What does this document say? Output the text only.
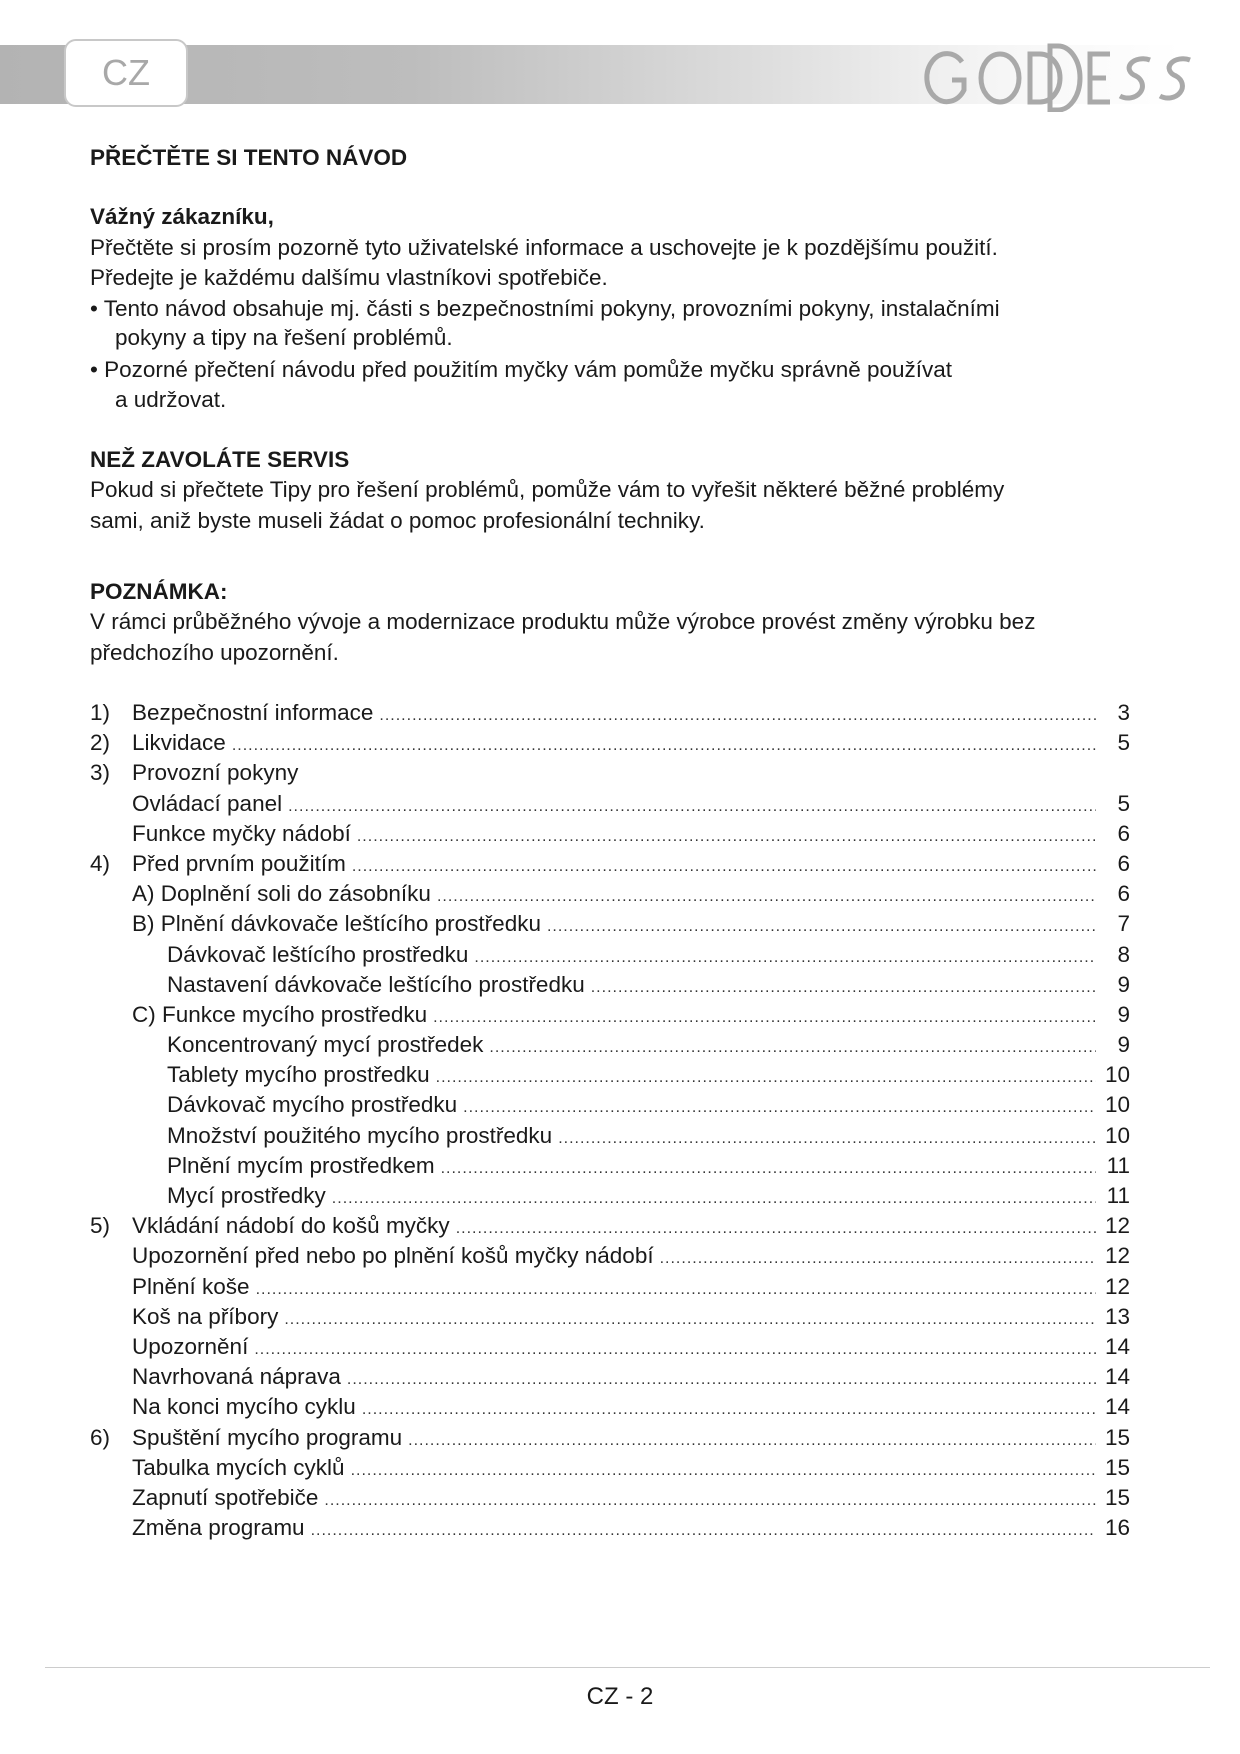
CZ
PŘEČTĚTE SI TENTO NÁVOD
Vážný zákazníku,
Přečtěte si prosím pozorně tyto uživatelské informace a uschovejte je k pozdějšímu použití.
Předejte je každému dalšímu vlastníkovi spotřebiče.
• Tento návod obsahuje mj. části s bezpečnostními pokyny, provozními pokyny, instalačními
pokyny a tipy na řešení problémů.
• Pozorné přečtení návodu před použitím myčky vám pomůže myčku správně používat
a udržovat.
NEŽ ZAVOLÁTE SERVIS
Pokud si přečtete Tipy pro řešení problémů, pomůže vám to vyřešit některé běžné problémy
sami, aniž byste museli žádat o pomoc profesionální techniky.
POZNÁMKA:
V rámci průběžného vývoje a modernizace produktu může výrobce provést změny výrobku bez
předchozího upozornění.
1) Bezpečnostní informace .....	3
2) Likvidace .....	5
3) Provozní pokyny
Ovládací panel .....	5
Funkce myčky nádobí .....	6
4) Před prvním použitím .....	6
A) Doplnění soli do zásobníku .....	6
B) Plnění dávkovače leštícího prostředku .....	7
Dávkovač leštícího prostředku .....	8
Nastavení dávkovače leštícího prostředku .....	9
C) Funkce mycího prostředku .....	9
Koncentrovaný mycí prostředek .....	9
Tablety mycího prostředku .....	10
Dávkovač mycího prostředku .....	10
Množství použitého mycího prostředku .....	10
Plnění mycím prostředkem .....	11
Mycí prostředky .....	11
5) Vkládání nádobí do košů myčky .....	12
Upozornění před nebo po plnění košů myčky nádobí .....	12
Plnění koše .....	12
Koš na příbory .....	13
Upozornění .....	14
Navrhovaná náprava .....	14
Na konci mycího cyklu .....	14
6) Spuštění mycího programu .....	15
Tabulka mycích cyklů .....	15
Zapnutí spotřebiče .....	15
Změna programu .....	16
CZ - 2
